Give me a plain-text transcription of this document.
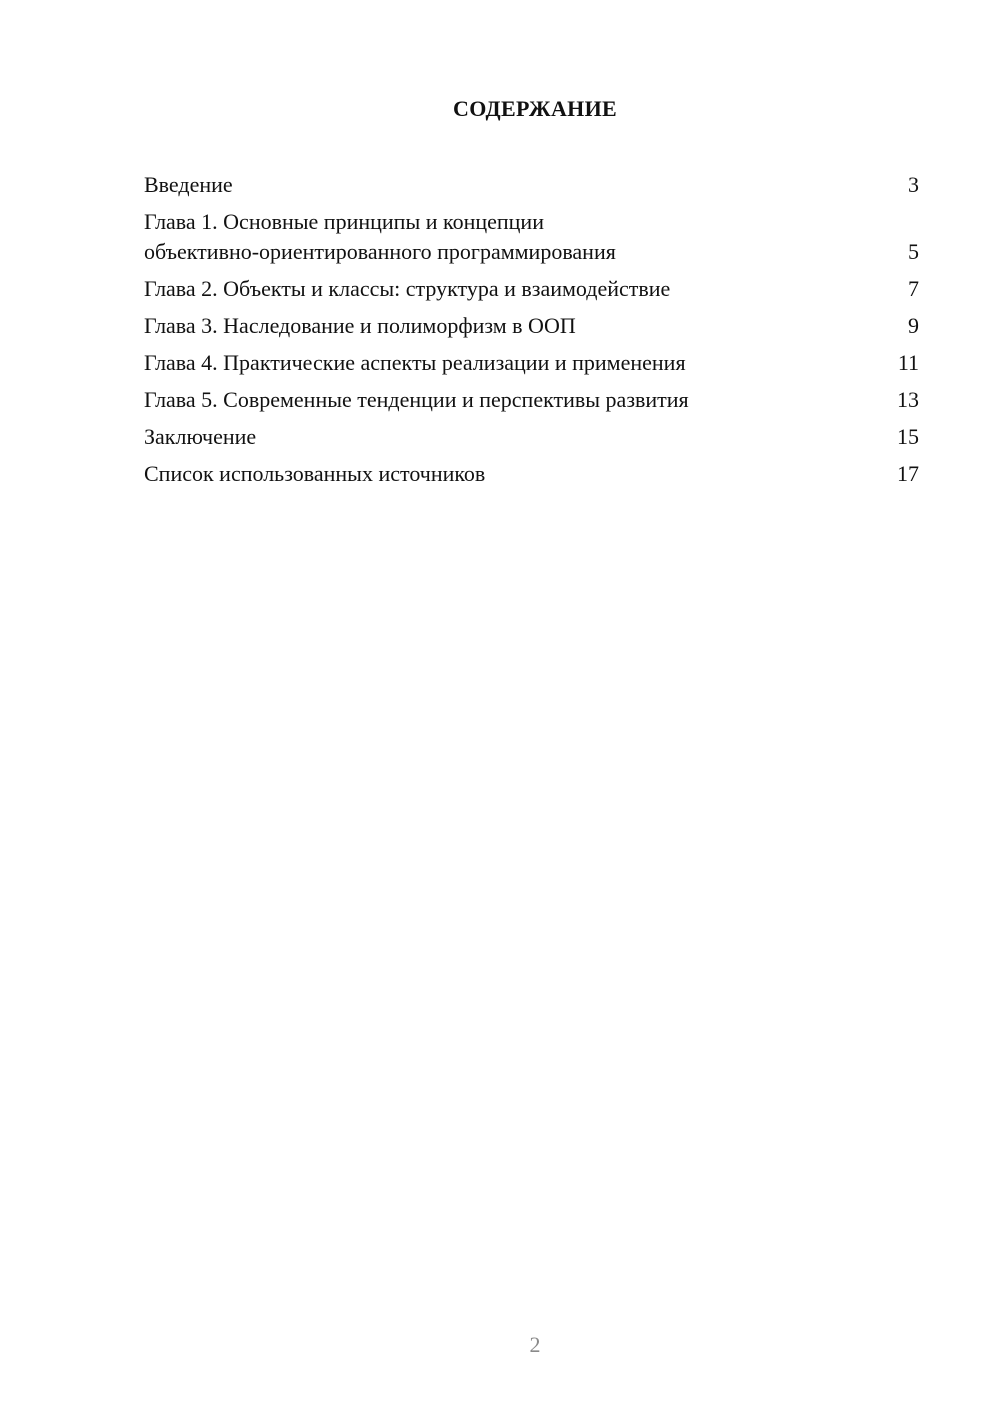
СОДЕРЖАНИЕ
Введение	3
Глава 1. Основные принципы и концепции
объективно-ориентированного программирования	5
Глава 2. Объекты и классы: структура и взаимодействие	7
Глава 3. Наследование и полиморфизм в ООП	9
Глава 4. Практические аспекты реализации и применения	11
Глава 5. Современные тенденции и перспективы развития	13
Заключение	15
Список использованных источников	17
2
